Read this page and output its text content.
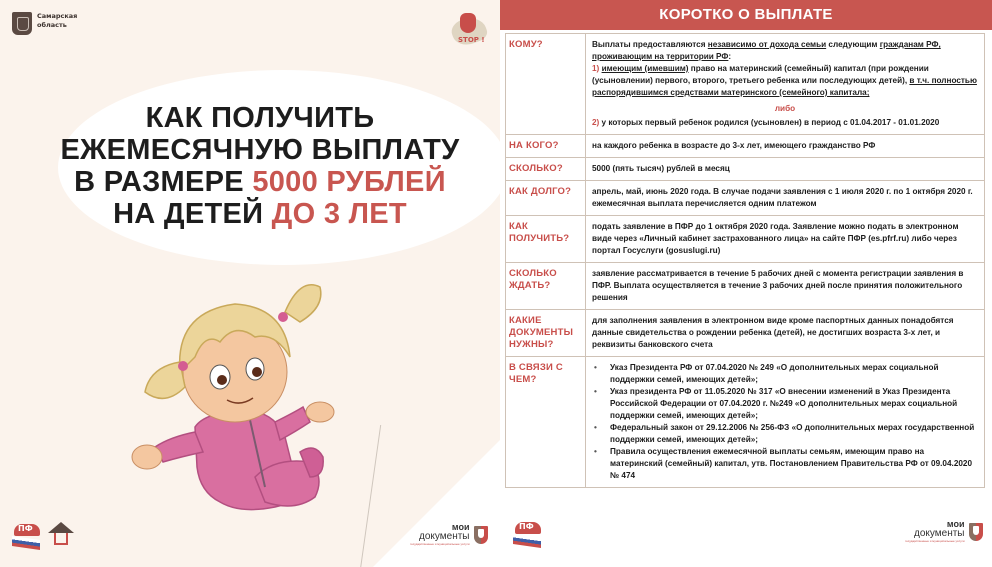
Самарская область
STOP !
КАК ПОЛУЧИТЬ
ЕЖЕМЕСЯЧНУЮ ВЫПЛАТУ
В РАЗМЕРЕ 5000 РУБЛЕЙ
НА ДЕТЕЙ ДО 3 ЛЕТ
ПФ
мои
документы
государственные и муниципальные услуги
КОРОТКО О ВЫПЛАТЕ
КОМУ?	Выплаты предоставляются независимо от дохода семьи следующим гражданам РФ, проживающим на территории РФ:
1) имеющим (имевшим) право на материнский (семейный) капитал (при рождении (усыновлении) первого, второго, третьего ребенка или последующих детей), в т.ч. полностью распорядившимся средствами материнского (семейного) капитала;
либо
2) у которых первый ребенок родился (усыновлен) в период с 01.04.2017 - 01.01.2020
НА КОГО?	на каждого ребенка в возрасте до 3-х лет, имеющего гражданство РФ
СКОЛЬКО?	5000 (пять тысяч) рублей в месяц
КАК ДОЛГО?	апрель, май, июнь 2020 года. В случае подачи заявления с 1 июля 2020 г. по 1 октября 2020 г. ежемесячная выплата перечисляется одним платежом
КАК ПОЛУЧИТЬ?	подать заявление в ПФР до 1 октября 2020 года. Заявление можно подать в электронном виде через «Личный кабинет застрахованного лица» на сайте ПФР (es.pfrf.ru) либо через портал Госуслуги (gosuslugi.ru)
СКОЛЬКО ЖДАТЬ?	заявление рассматривается в течение 5 рабочих дней с момента регистрации заявления в ПФР. Выплата осуществляется в течение 3 рабочих дней после принятия положительного решения
КАКИЕ ДОКУМЕНТЫ НУЖНЫ?	для заполнения заявления в электронном виде кроме паспортных данных понадобятся данные свидетельства о рождении ребенка (детей), не достигших возраста 3-х лет, и реквизиты банковского счета
В СВЯЗИ С ЧЕМ?	
• Указ Президента РФ от 07.04.2020 № 249 «О дополнительных мерах социальной поддержки семей, имеющих детей»;
• Указ президента РФ от 11.05.2020 № 317 «О внесении изменений в Указ Президента Российской Федерации от 07.04.2020 г. №249 «О дополнительных мерах социальной поддержки семей, имеющих детей»;
• Федеральный закон от 29.12.2006 № 256-ФЗ «О дополнительных мерах государственной поддержки семей, имеющих детей»;
• Правила осуществления ежемесячной выплаты семьям, имеющим право на материнский (семейный) капитал, утв. Постановлением Правительства РФ от 09.04.2020 № 474
ПФ
мои
документы
государственные и муниципальные услуги
